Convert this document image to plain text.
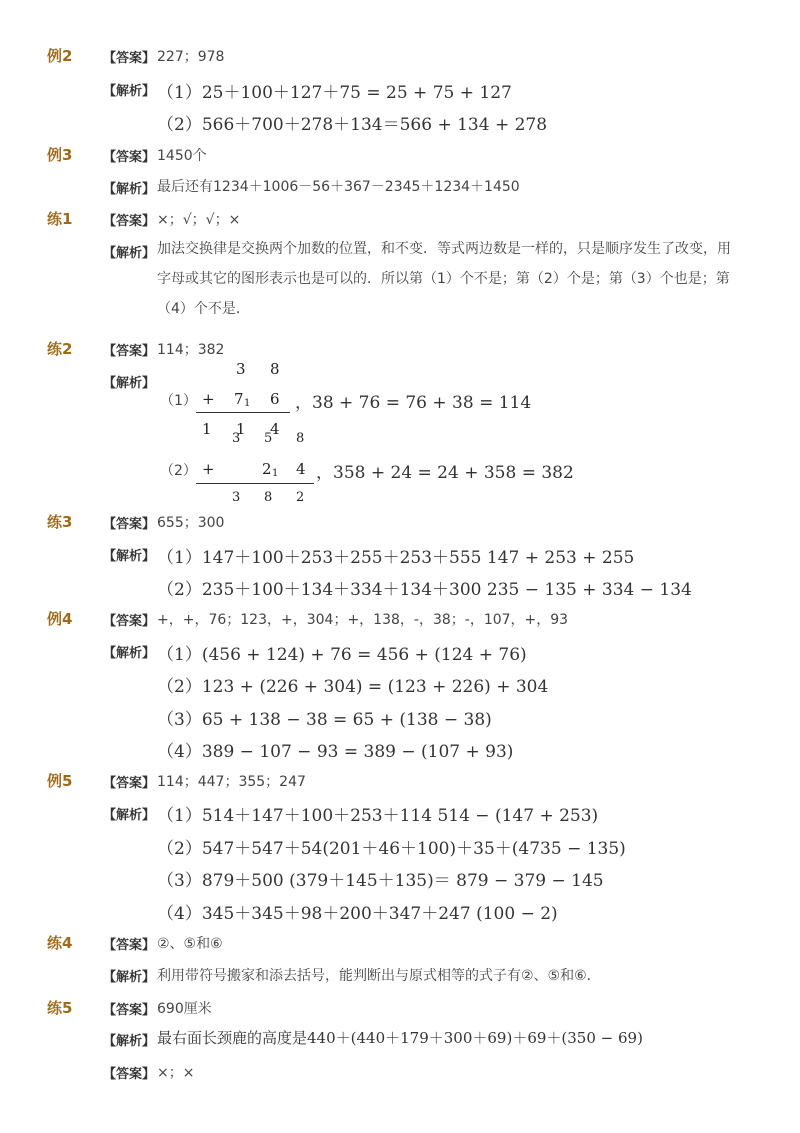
例2 【答案】 227；978
【解析】 （1）25＋100＋127＋75 = 25 + 75 + 127
（2）566＋700＋278＋134＝566 + 134 + 278
例3 【答案】 1450个
【解析】 最后还有1234＋1006－56＋367－2345＋1234＋1450
练1 【答案】 ×；√；√；×
【解析】 加法交换律是交换两个加数的位置，和不变．等式两边数是一样的，只是顺序发生了改变，用字母或其它的图形表示也是可以的．所以第（1）个不是；第（2）个是；第（3）个也是；第（4）个不是．
练2 【答案】 114；382
【解析】
（1）
3 8
+ 7 1 6
1 1 4
，38 + 76 = 76 + 38 = 114
3 5 8
（2） +	2 1 4
3 8 2
，358 + 24 = 24 + 358 = 382
练3 【答案】 655；300
【解析】 （1）147＋100＋253＋255＋253＋555 147 + 253 + 255
（2）235＋100＋134＋334＋134＋300 235 − 135 + 334 − 134
例4 【答案】 +，+，76；123，+，304；+，138，-，38；-，107，+，93
【解析】 （1）(456 + 124) + 76 = 456 + (124 + 76)
（2）123 + (226 + 304) = (123 + 226) + 304
（3）65 + 138 − 38 = 65 + (138 − 38)
（4）389 − 107 − 93 = 389 − (107 + 93)
例5 【答案】 114；447；355；247
【解析】 （1）514＋147＋100＋253＋114 514 − (147 + 253)
（2）547＋547＋54(201＋46＋100)＋35＋(4735 − 135)
（3）879＋500 (379＋145＋135)＝ 879 − 379 − 145
（4）345＋345＋98＋200＋347＋247 (100 − 2)
练4 【答案】 ②、⑤和⑥
【解析】 利用带符号搬家和添去括号，能判断出与原式相等的式子有②、⑤和⑥．
练5 【答案】 690厘米
【解析】 最右面长颈鹿的高度是440＋(440＋179＋300＋69)＋69＋(350 − 69)
【答案】 ×；×
